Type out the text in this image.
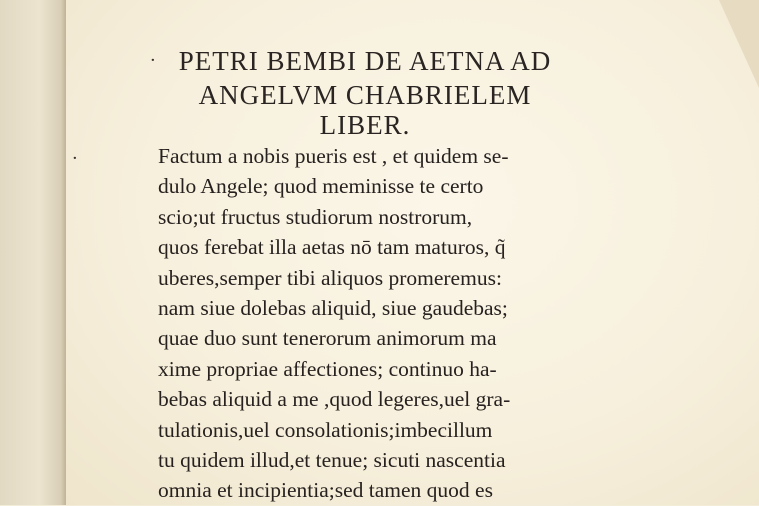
·
·
PETRI BEMBI DE AETNA AD
ANGELVM CHABRIELEM
LIBER.
Factum a nobis pueris est , et quidem se-
dulo Angele; quod meminisse te certo
scio;ut fructus studiorum nostrorum,
quos ferebat illa aetas nō tam maturos, q̃
uberes,semper tibi aliquos promeremus:
nam siue dolebas aliquid, siue gaudebas;
quae duo sunt tenerorum animorum ma
xime propriae affectiones; continuo ha-
bebas aliquid a me ,quod legeres,uel gra-
tulationis,uel consolationis;imbecillum
tu quidem illud,et tenue; sicuti nascentia
omnia et incipientia;sed tamen quod es
